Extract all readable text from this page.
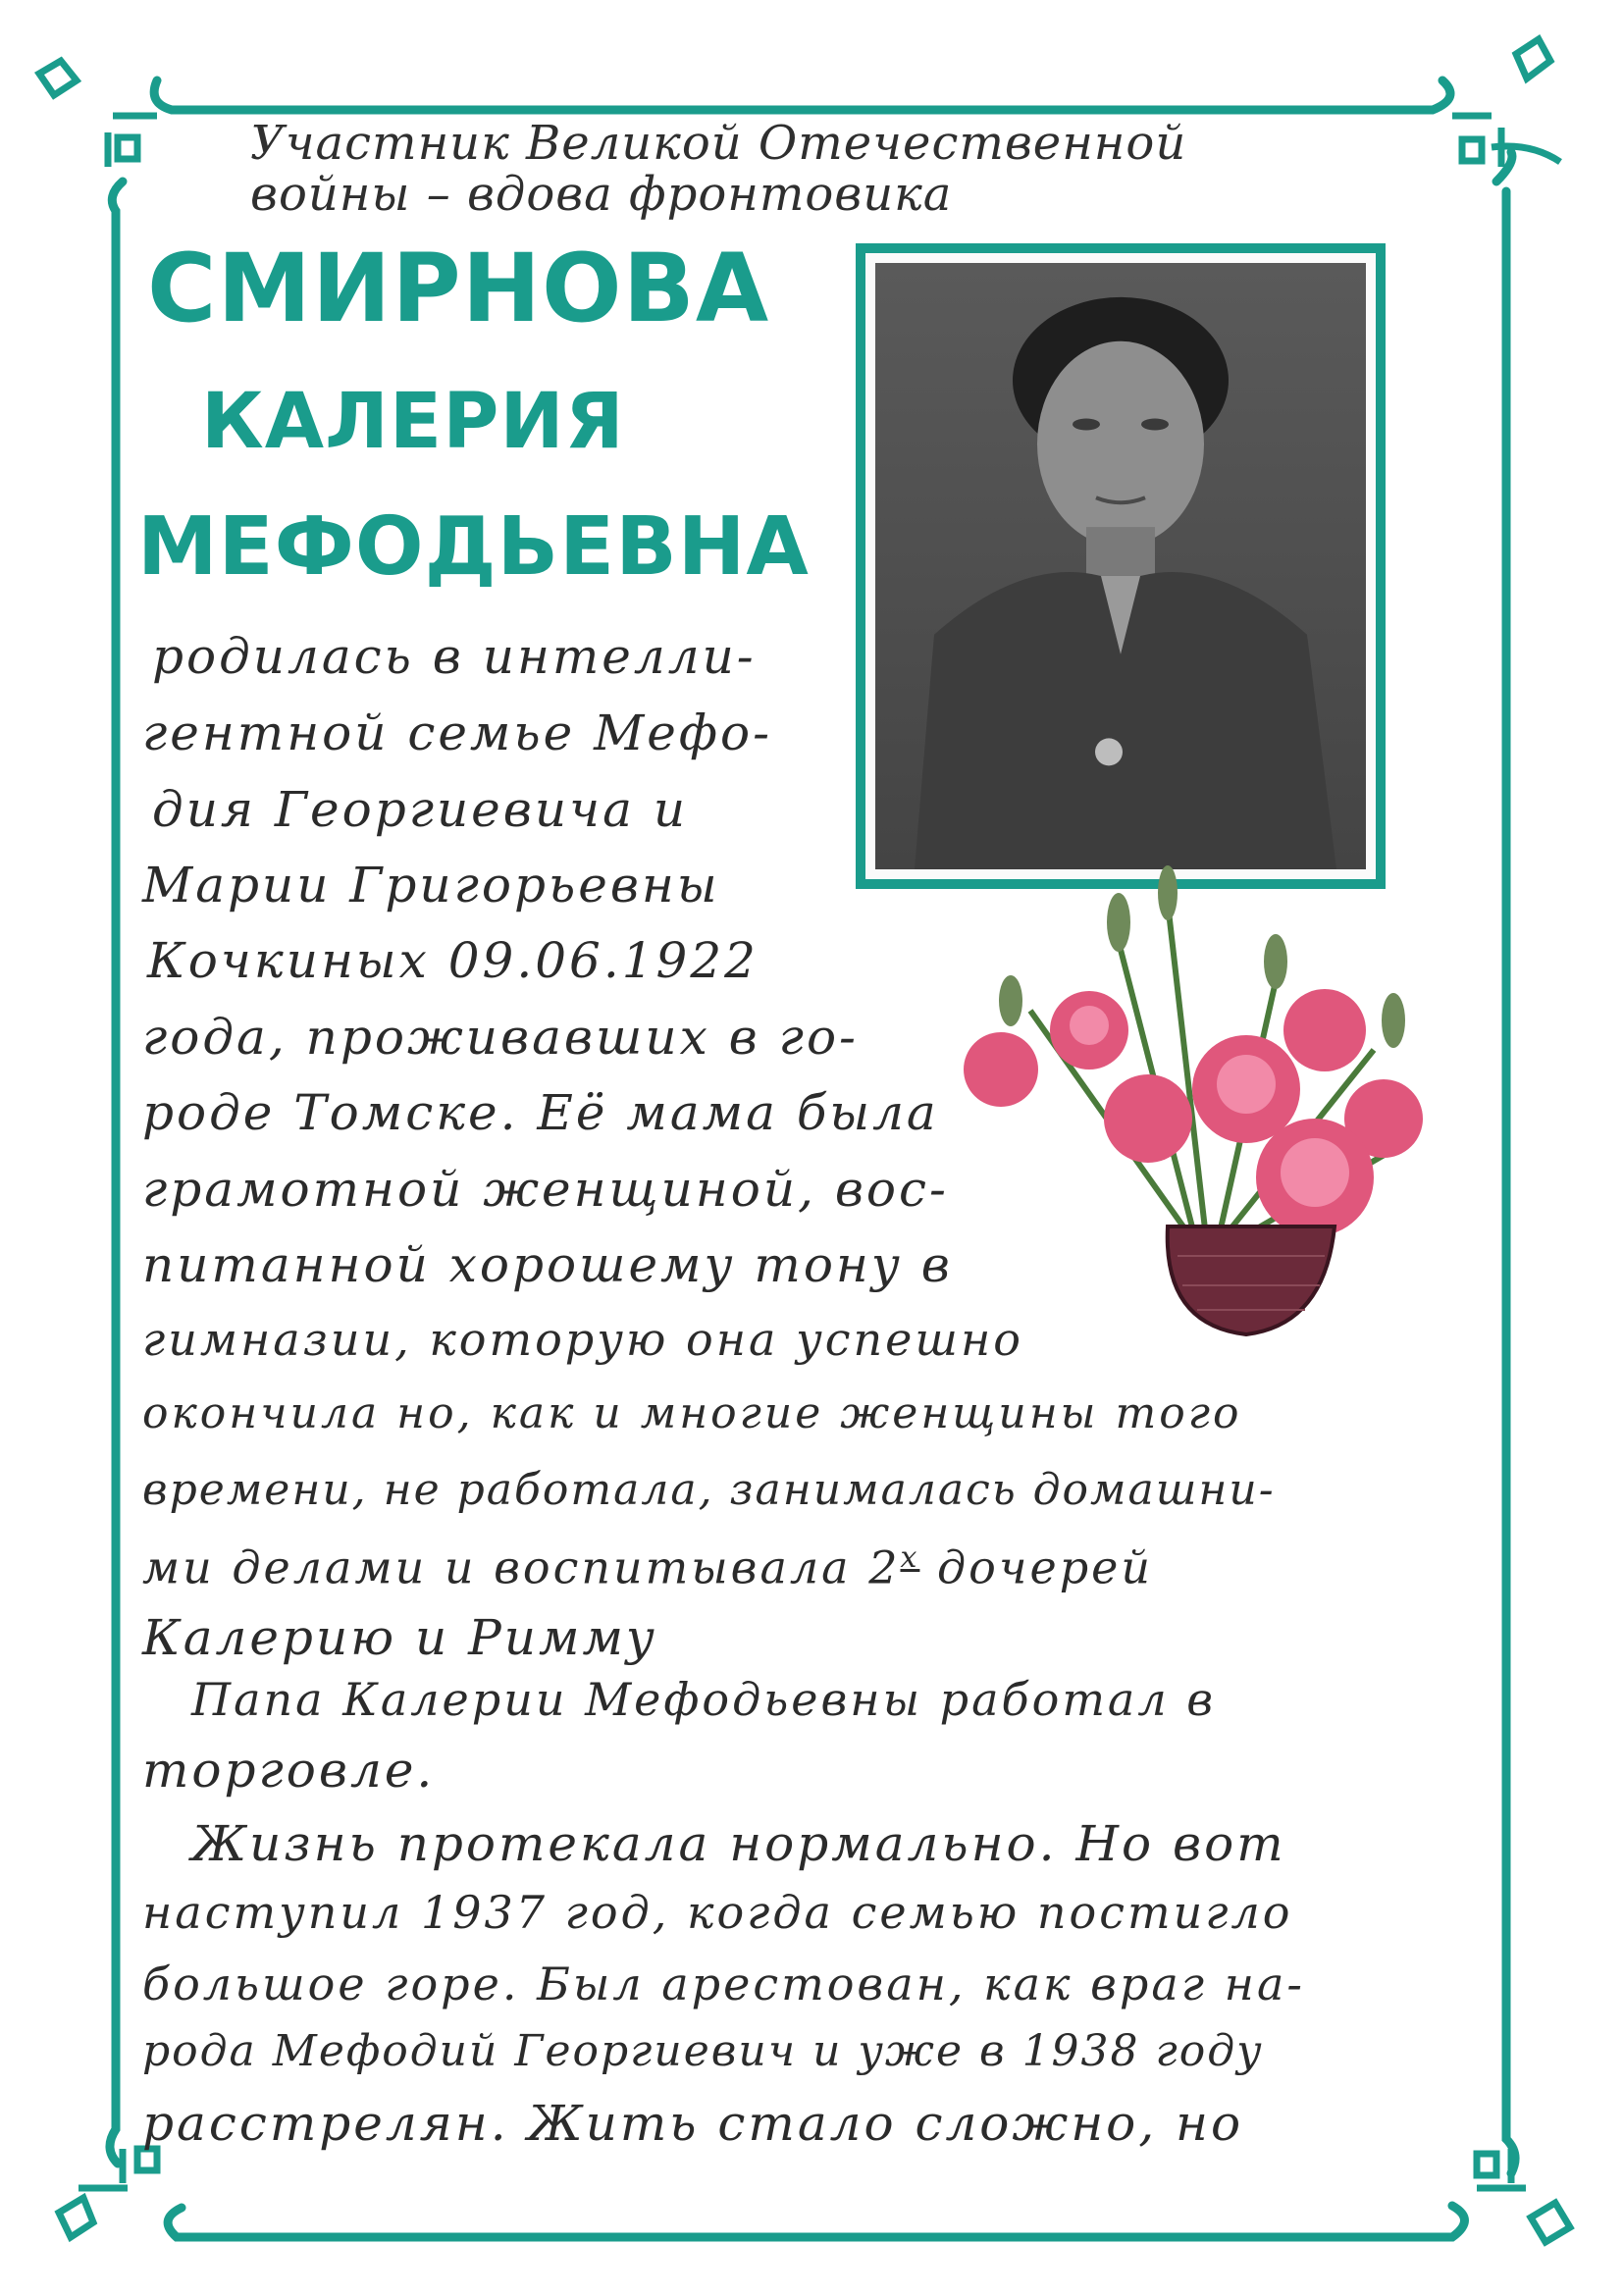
Участник Великой Отечественной
войны – вдова фронтовика
СМИРНОВА
КАЛЕРИЯ
МЕФОДЬЕВНА
родилась в интелли-
гентной семье Мефо-
дия Георгиевича и
Марии Григорьевны
Кочкиных 09.06.1922
года, проживавших в го-
роде Томске. Её мама была
грамотной женщиной, вос-
питанной хорошему тону в
гимназии, которую она успешно
окончила но, как и многие женщины того
времени, не работала, занималась домашни-
ми делами и воспитывала $2^х$ дочерей
Калерию и Римму
Папа Калерии Мефодьевны работал в
торговле.
Жизнь протекала нормально. Но вот
наступил 1937 год, когда семью постигло
большое горе. Был арестован, как враг на-
рода Мефодий Георгиевич и уже в 1938 году
расстрелян. Жить стало сложно, но
